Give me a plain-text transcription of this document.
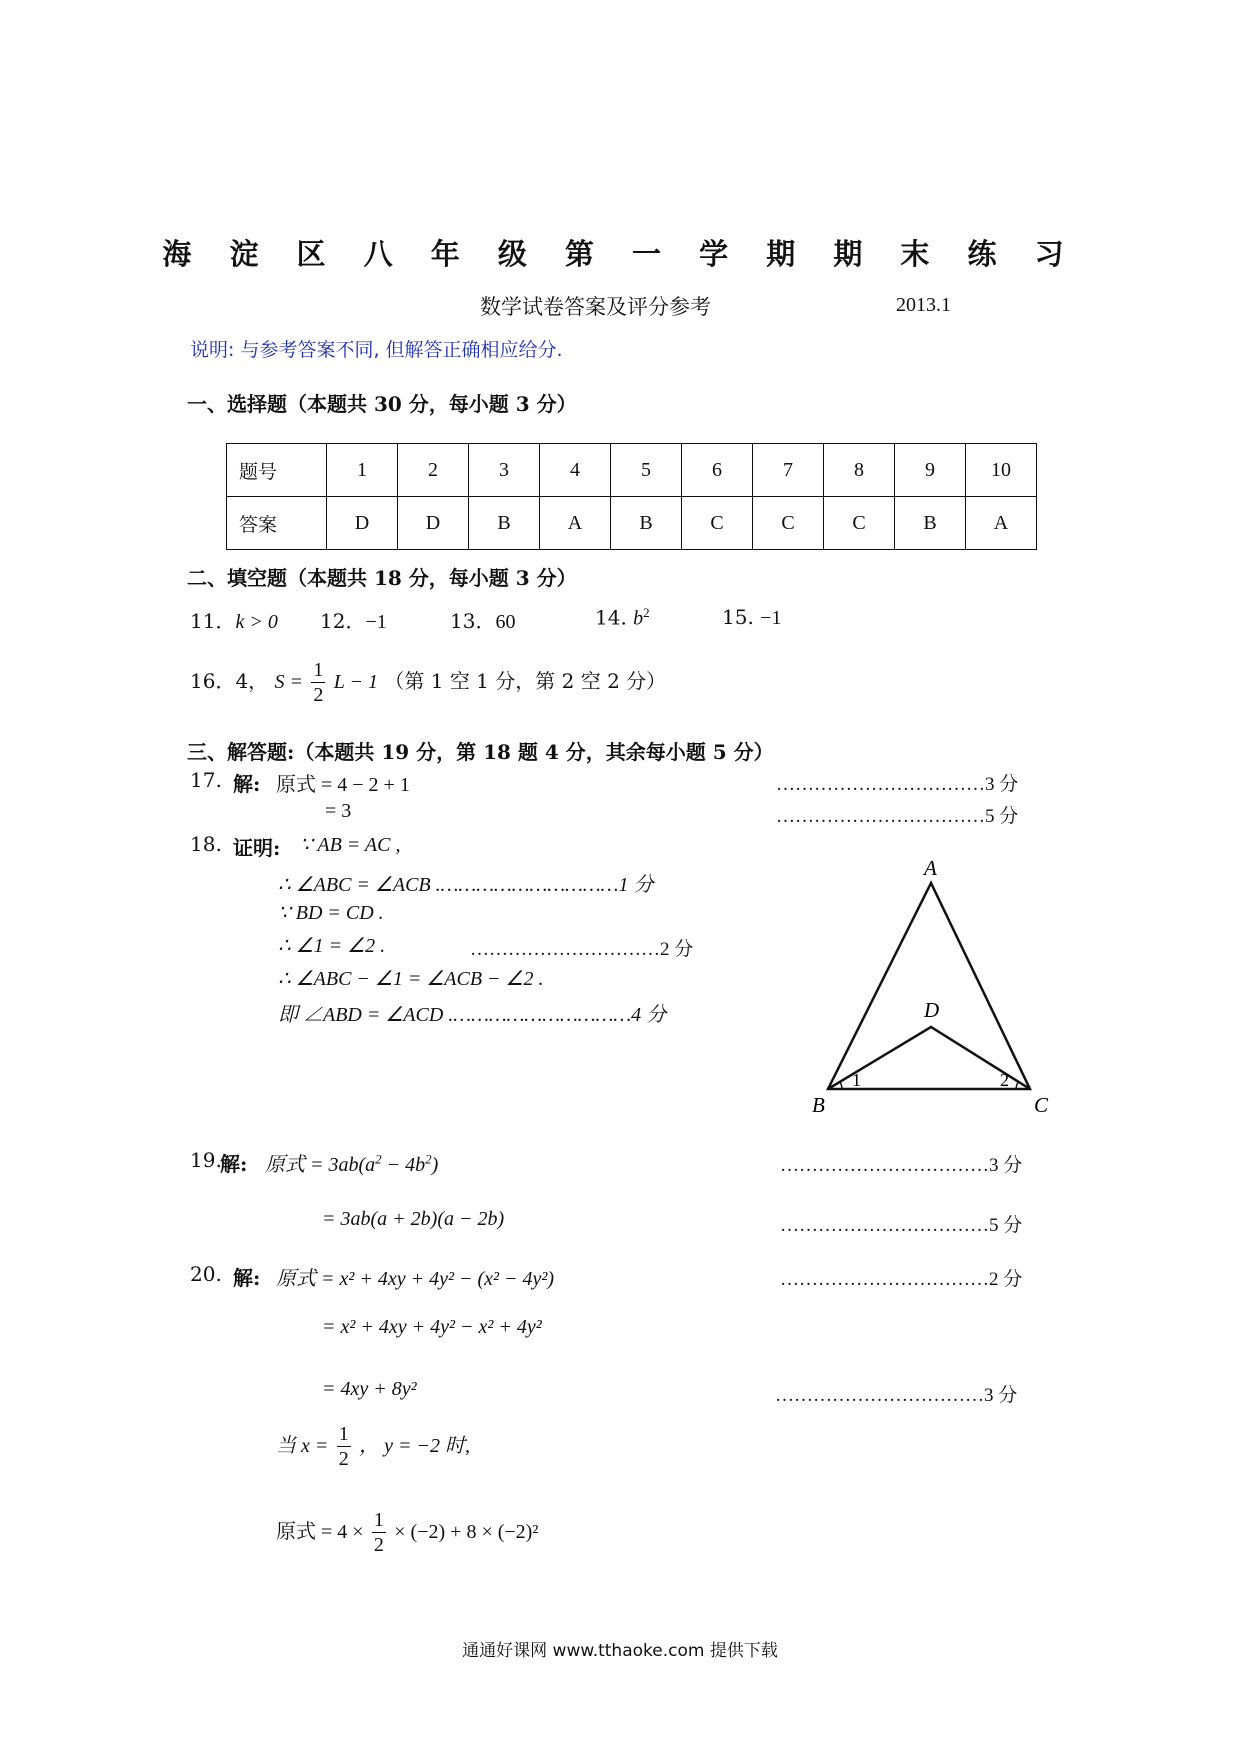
海 淀 区 八 年 级 第 一 学 期 期 末 练 习
数学试卷答案及评分参考	2013.1
说明: 与参考答案不同, 但解答正确相应给分.
一、选择题（本题共 30 分，每小题 3 分）
题号	1	2	3	4	5	6	7	8	9	10
答案	D	D	B	A	B	C	C	C	B	A
二、填空题（本题共 18 分，每小题 3 分）
11．k > 0 12．−1	13．60	14. $b^2$	15. −1
16．4， $S = \frac{1}{2}$ L − 1 （第 1 空 1 分，第 2 空 2 分）
三、解答题:（本题共 19 分，第 18 题 4 分，其余每小题 5 分）
17. 解: 原式 = 4 − 2 + 1
= 3
……………………………3 分
……………………………5 分
18. 证明: ∵ AB = AC ,
∴ ∠ABC = ∠ACB .…………………………1 分
∵ BD = CD .
∴ ∠1 = ∠2 .	…………………………2 分
∴ ∠ABC − ∠1 = ∠ACB − ∠2 .
即 ∠ABD = ∠ACD .…………………………4 分
A
B	C
D
1	2
19.
解: 原式 = $3ab(a^2 - 4b^2)$	……………………………3 分
= 3ab(a + 2b)(a − 2b)	……………………………5 分
20. 解: 原式 = x² + 4xy + 4y² − (x² − 4y²)	……………………………2 分
= x² + 4xy + 4y² − x² + 4y²
= 4xy + 8y²	……………………………3 分
当 $x = \frac{1}{2}$ ， y = −2 时,
原式 = $4 \times \frac{1}{2} \times (-2) + 8 \times (-2)^2$
通通好课网 www.tthaoke.com 提供下载
